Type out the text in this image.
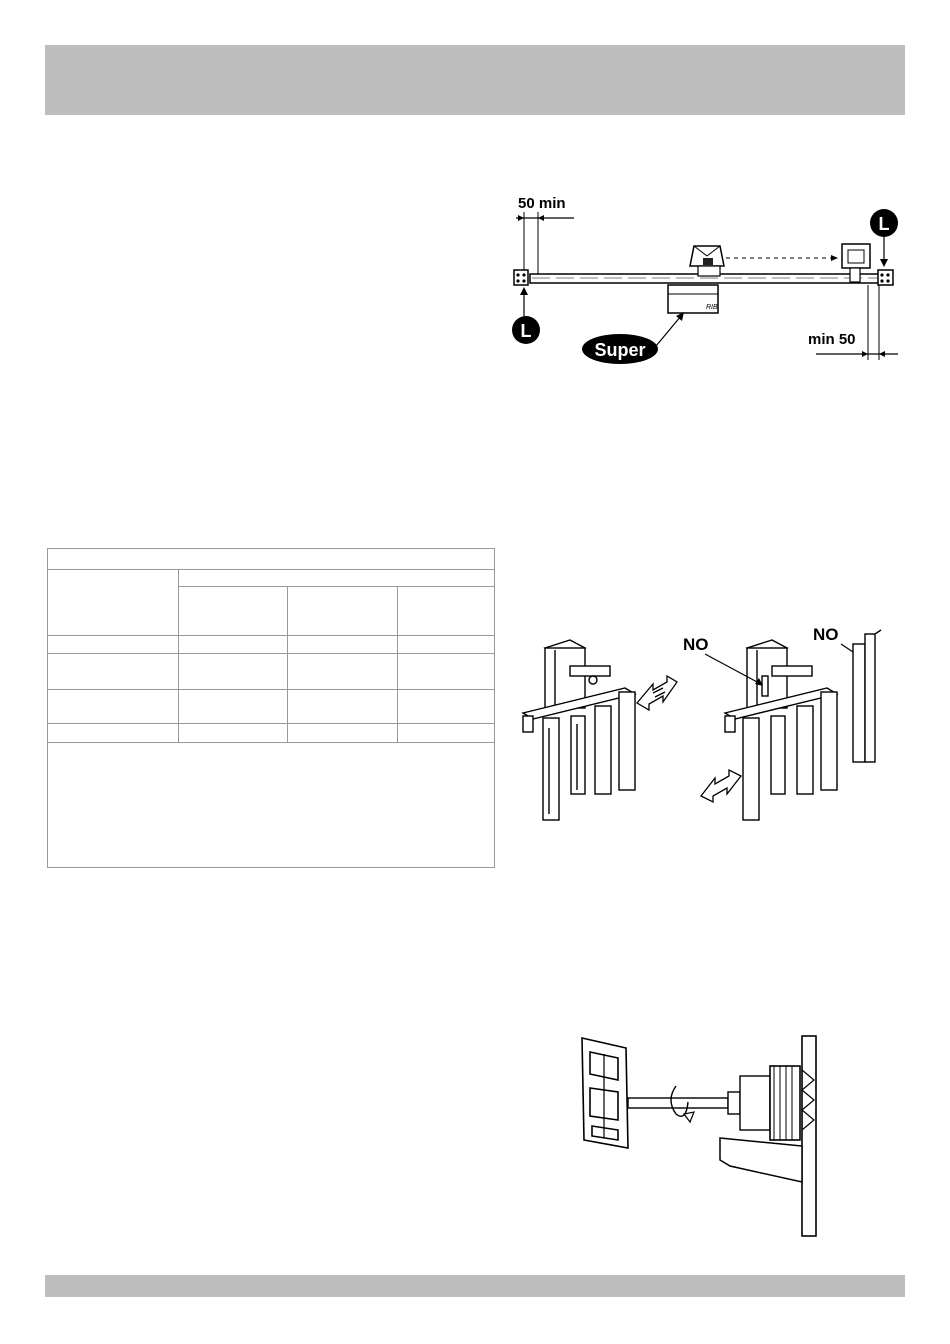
50 min
RIB
L
L
Super
min 50
NO
NO
RIB
